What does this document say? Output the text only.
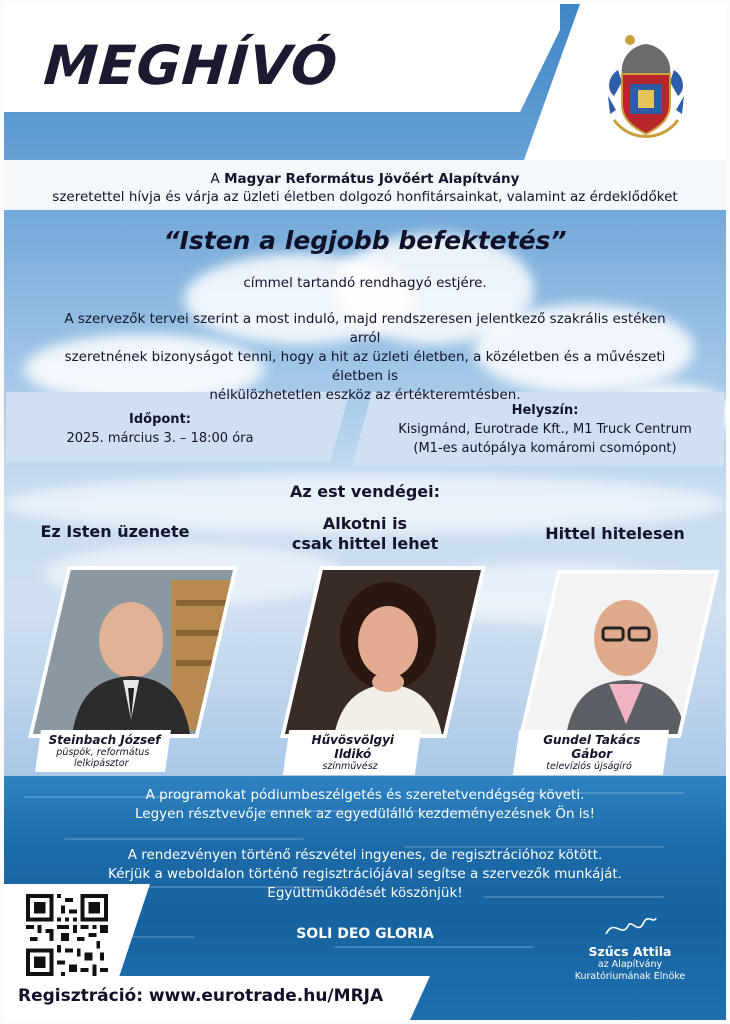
MEGHÍVÓ
A Magyar Református Jövőért Alapítvány
szeretettel hívja és várja az üzleti életben dolgozó honfitársainkat, valamint az érdeklődőket
“Isten a legjobb befektetés”
címmel tartandó rendhagyó estjére.
A szervezők tervei szerint a most induló, majd rendszeresen jelentkező szakrális estéken arról
szeretnének bizonyságot tenni, hogy a hit az üzleti életben, a közéletben és a művészeti életben is
nélkülözhetetlen eszköz az értékteremtésben.
Időpont:
2025. március 3. – 18:00 óra
Helyszín:
Kisigmánd, Eurotrade Kft., M1 Truck Centrum
(M1-es autópálya komáromi csomópont)
Az est vendégei:
Ez Isten üzenete	Alkotni is
csak hittel lehet
Hittel hitelesen
Steinbach József
püspök, református
lelkipásztor
Hűvösvölgyi Ildikó
színművész
Gundel Takács Gábor
televíziós újságíró
A programokat pódiumbeszélgetés és szeretetvendégség követi.
Legyen résztvevője ennek az egyedülálló kezdeményezésnek Ön is!
A rendezvényen történő részvétel ingyenes, de regisztrációhoz kötött.
Kérjük a weboldalon történő regisztrációjával segítse a szervezők munkáját.
Együttműködését köszönjük!
SOLI DEO GLORIA
Szűcs Attila
az Alapítvány
Kuratóriumának Elnöke
Regisztráció: www.eurotrade.hu/MRJA
